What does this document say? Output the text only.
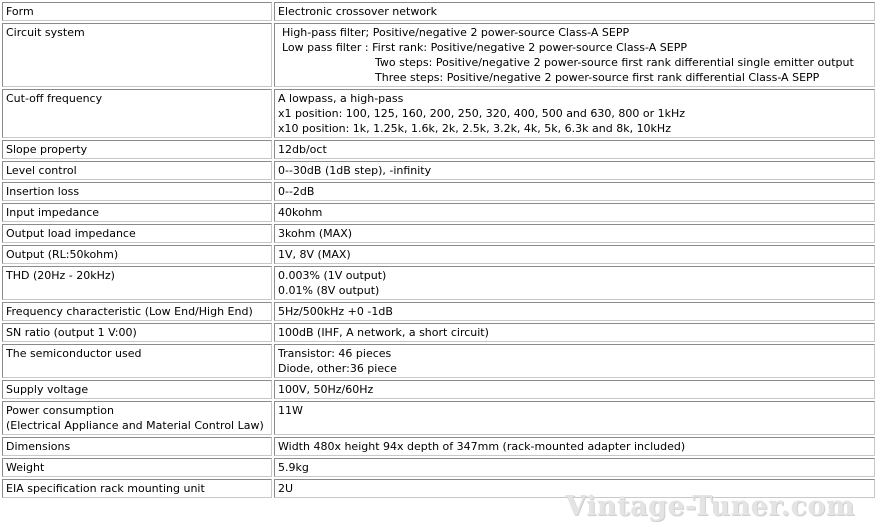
Form	Electronic crossover network

Circuit system	High-pass filter; Positive/negative 2 power-source Class-A SEPP
Low pass filter : First rank: Positive/negative 2 power-source Class-A SEPP
Two steps: Positive/negative 2 power-source first rank differential single emitter output
Three steps: Positive/negative 2 power-source first rank differential Class-A SEPP

Cut-off frequency	A lowpass, a high-pass
x1 position: 100, 125, 160, 200, 250, 320, 400, 500 and 630, 800 or 1kHz
x10 position: 1k, 1.25k, 1.6k, 2k, 2.5k, 3.2k, 4k, 5k, 6.3k and 8k, 10kHz

Slope property	12db/oct

Level control	0--30dB (1dB step), -infinity

Insertion loss	0--2dB

Input impedance	40kohm

Output load impedance	3kohm (MAX)

Output (RL:50kohm)	1V, 8V (MAX)

THD (20Hz - 20kHz)	0.003% (1V output)
0.01% (8V output)

Frequency characteristic (Low End/High End)	5Hz/500kHz +0 -1dB

SN ratio (output 1 V:00)	100dB (IHF, A network, a short circuit)

The semiconductor used	Transistor: 46 pieces
Diode, other:36 piece

Supply voltage	100V, 50Hz/60Hz

Power consumption
(Electrical Appliance and Material Control Law)	11W

Dimensions	Width 480x height 94x depth of 347mm (rack-mounted adapter included)

Weight	5.9kg

EIA specification rack mounting unit	2U
Vintage-Tuner.com
